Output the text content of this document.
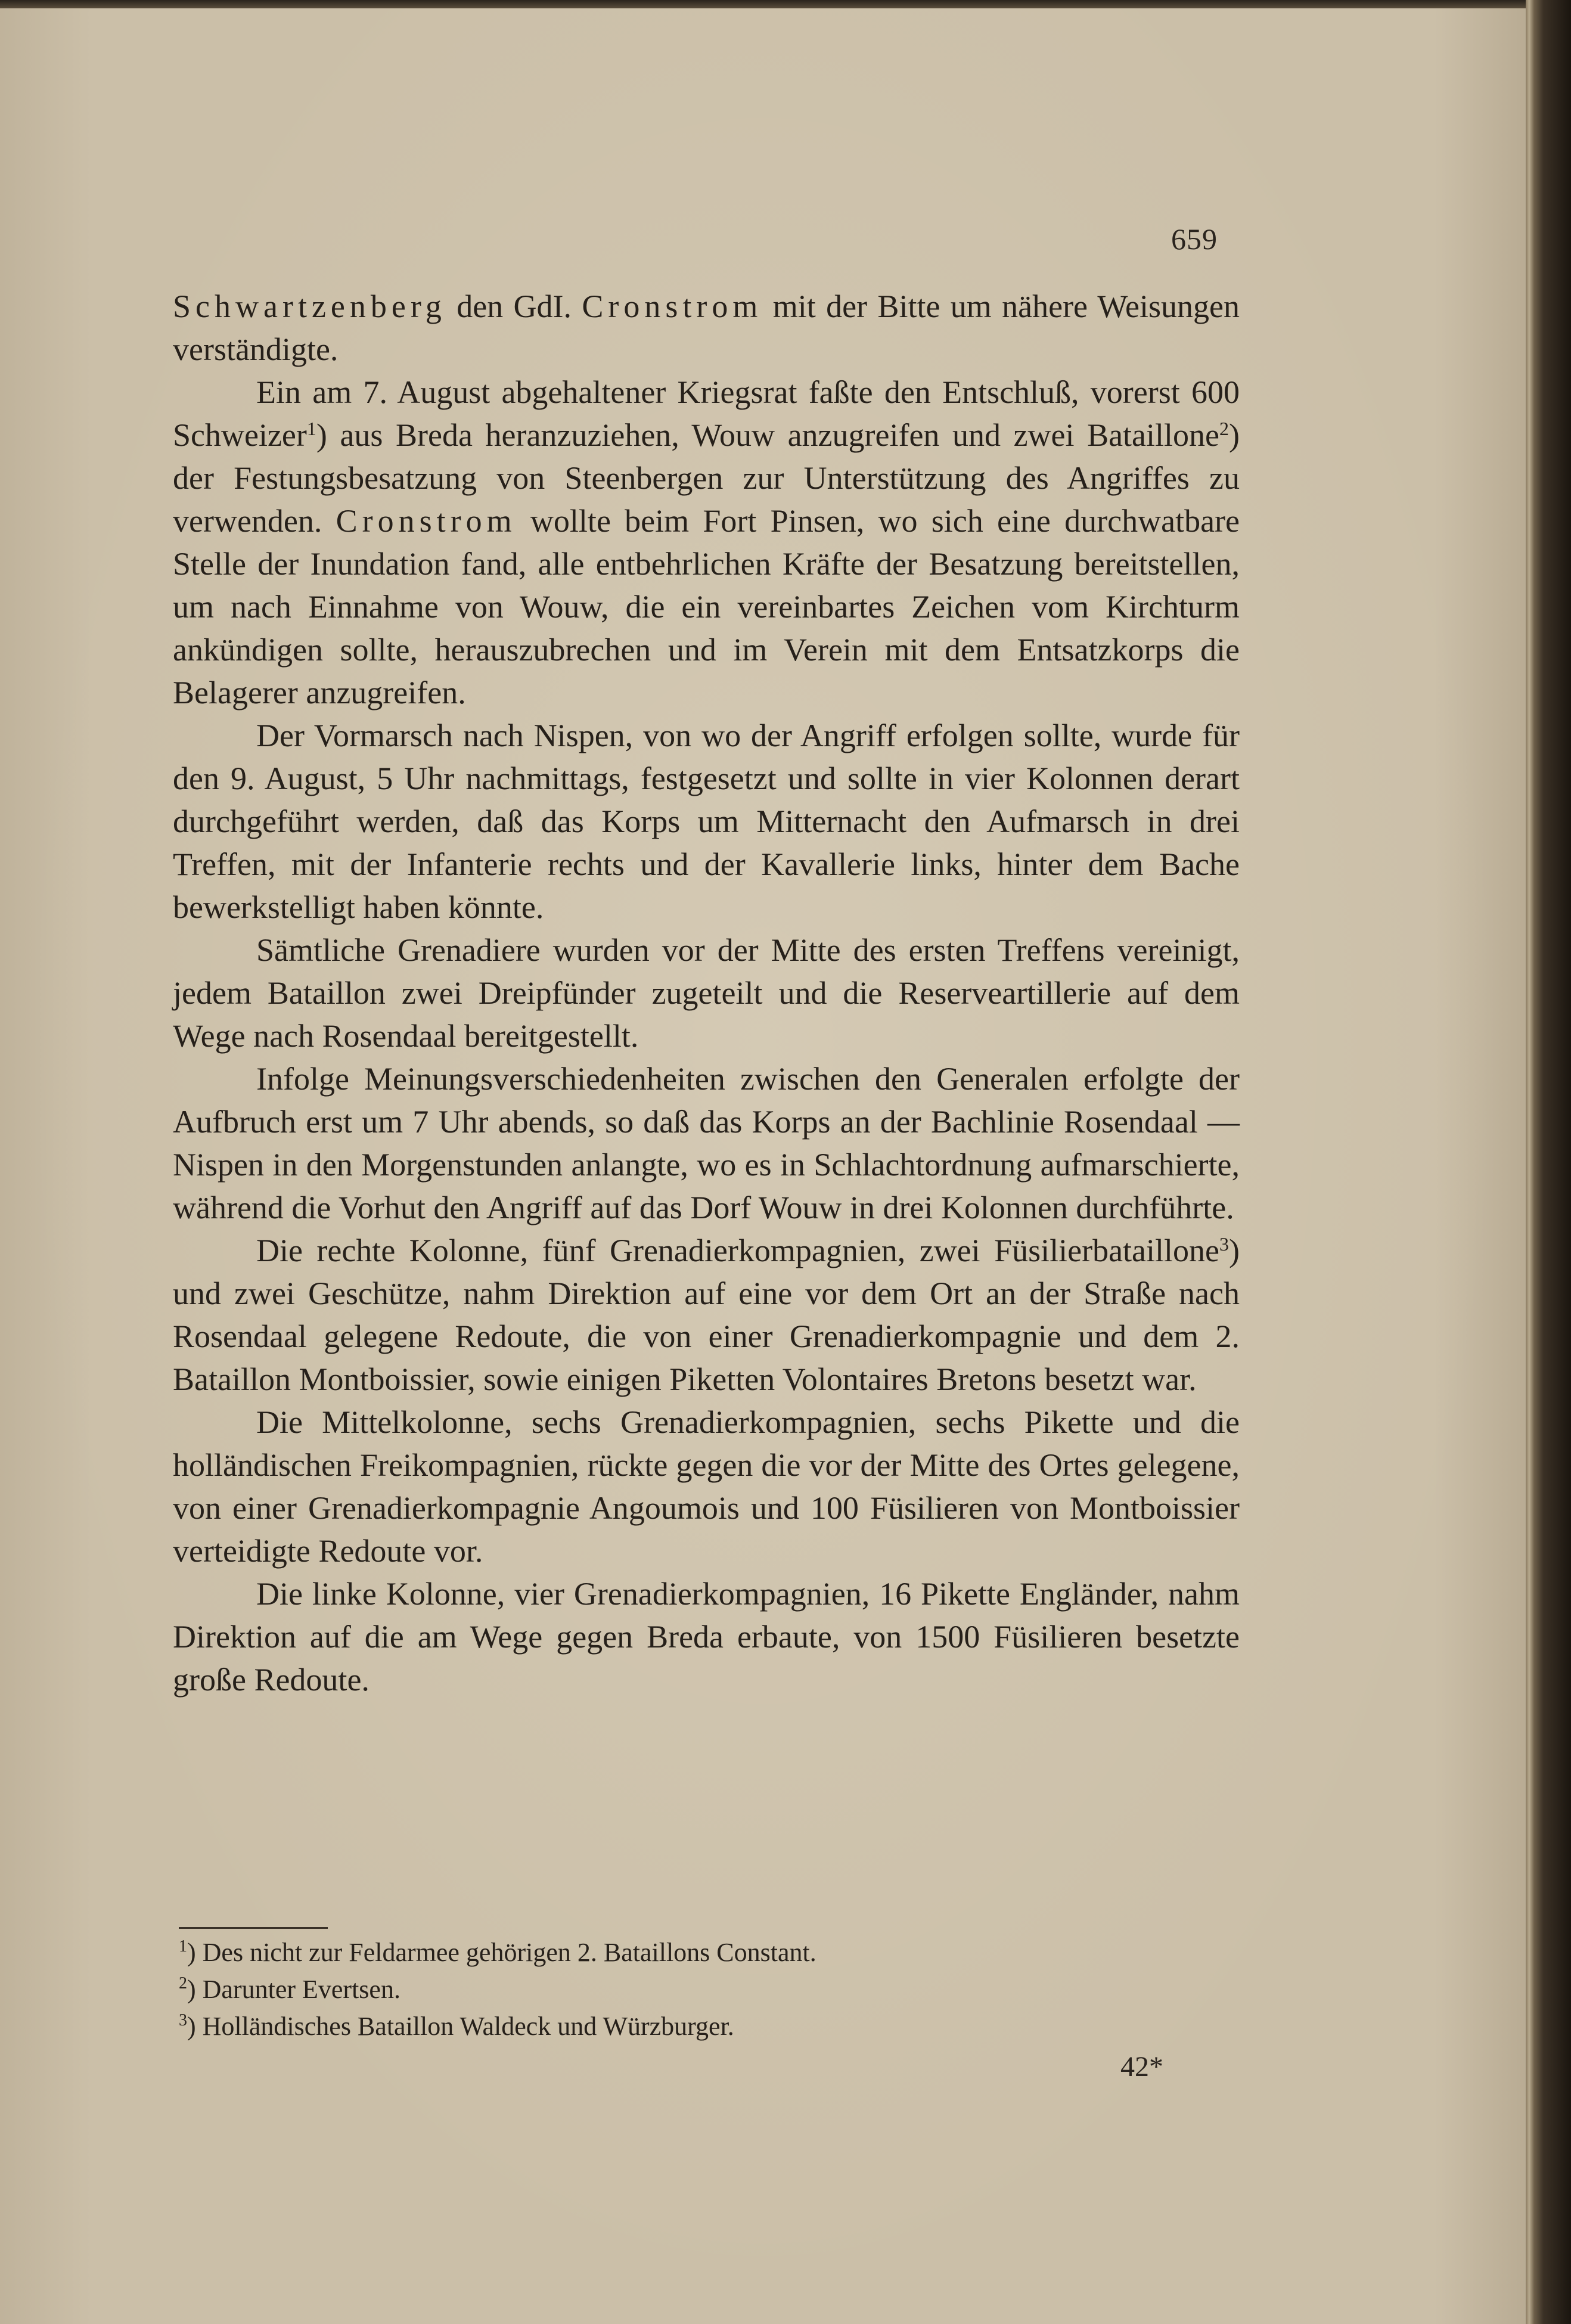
659

Schwartzenberg den GdI. Cronstrom mit der Bitte um nähere Weisungen verständigte.

Ein am 7. August abgehaltener Kriegsrat faßte den Entschluß, vorerst 600 Schweizer$^1$) aus Breda heranzuziehen, Wouw anzugreifen und zwei Bataillone$^2$) der Festungsbesatzung von Steenbergen zur Unterstützung des Angriffes zu verwenden. Cronstrom wollte beim Fort Pinsen, wo sich eine durchwatbare Stelle der Inundation fand, alle entbehrlichen Kräfte der Besatzung bereitstellen, um nach Einnahme von Wouw, die ein vereinbartes Zeichen vom Kirchturm ankündigen sollte, herauszubrechen und im Verein mit dem Entsatzkorps die Belagerer anzugreifen.

Der Vormarsch nach Nispen, von wo der Angriff erfolgen sollte, wurde für den 9. August, 5 Uhr nachmittags, festgesetzt und sollte in vier Kolonnen derart durchgeführt werden, daß das Korps um Mitternacht den Aufmarsch in drei Treffen, mit der Infanterie rechts und der Kavallerie links, hinter dem Bache bewerkstelligt haben könnte.

Sämtliche Grenadiere wurden vor der Mitte des ersten Treffens vereinigt, jedem Bataillon zwei Dreipfünder zugeteilt und die Reserveartillerie auf dem Wege nach Rosendaal bereitgestellt.

Infolge Meinungsverschiedenheiten zwischen den Generalen erfolgte der Aufbruch erst um 7 Uhr abends, so daß das Korps an der Bachlinie Rosendaal — Nispen in den Morgenstunden anlangte, wo es in Schlachtordnung aufmarschierte, während die Vorhut den Angriff auf das Dorf Wouw in drei Kolonnen durchführte.

Die rechte Kolonne, fünf Grenadierkompagnien, zwei Füsilierbataillone$^3$) und zwei Geschütze, nahm Direktion auf eine vor dem Ort an der Straße nach Rosendaal gelegene Redoute, die von einer Grenadierkompagnie und dem 2. Bataillon Montboissier, sowie einigen Piketten Volontaires Bretons besetzt war.

Die Mittelkolonne, sechs Grenadierkompagnien, sechs Pikette und die holländischen Freikompagnien, rückte gegen die vor der Mitte des Ortes gelegene, von einer Grenadierkompagnie Angoumois und 100 Füsilieren von Montboissier verteidigte Redoute vor.

Die linke Kolonne, vier Grenadierkompagnien, 16 Pikette Engländer, nahm Direktion auf die am Wege gegen Breda erbaute, von 1500 Füsilieren besetzte große Redoute.

$^1$) Des nicht zur Feldarmee gehörigen 2. Bataillons Constant.
$^2$) Darunter Evertsen.
$^3$) Holländisches Bataillon Waldeck und Würzburger.
42*
